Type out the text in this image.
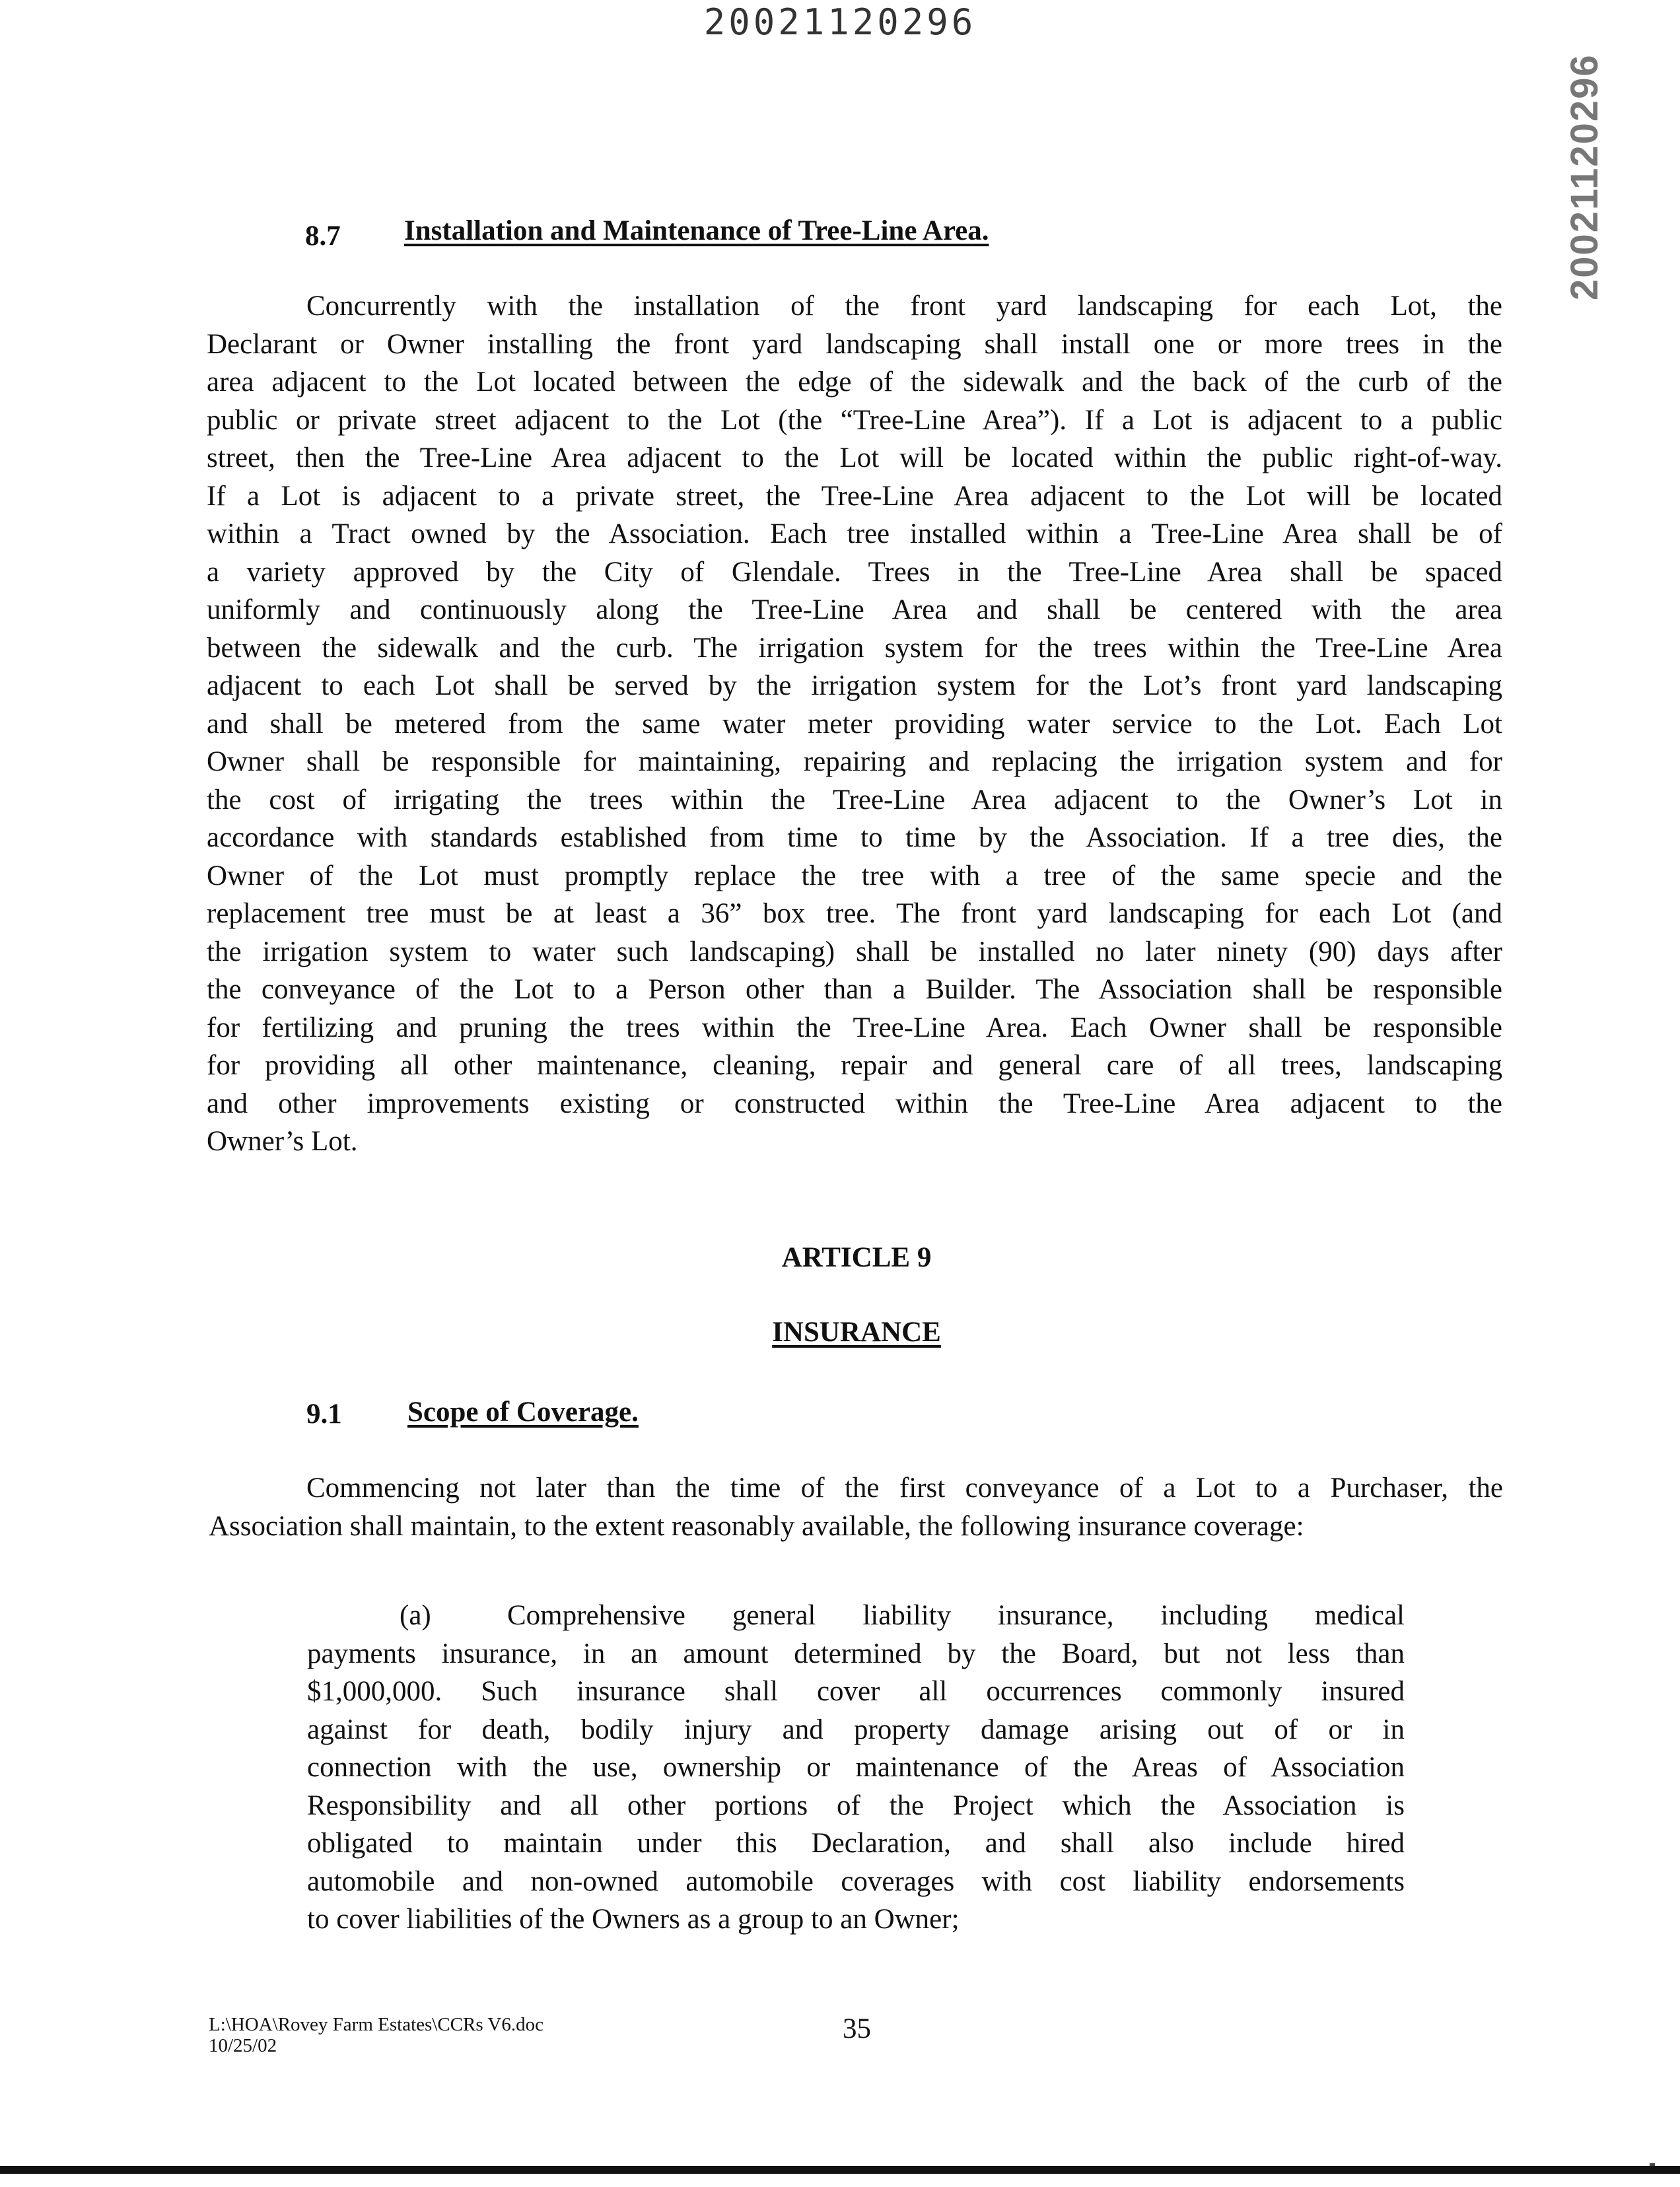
20021120296
20021120296
8.7 Installation and Maintenance of Tree-Line Area.
Concurrently with the installation of the front yard landscaping for each Lot, the
Declarant or Owner installing the front yard landscaping shall install one or more trees in the
area adjacent to the Lot located between the edge of the sidewalk and the back of the curb of the
public or private street adjacent to the Lot (the “Tree-Line Area”). If a Lot is adjacent to a public
street, then the Tree-Line Area adjacent to the Lot will be located within the public right-of-way.
If a Lot is adjacent to a private street, the Tree-Line Area adjacent to the Lot will be located
within a Tract owned by the Association. Each tree installed within a Tree-Line Area shall be of
a variety approved by the City of Glendale. Trees in the Tree-Line Area shall be spaced
uniformly and continuously along the Tree-Line Area and shall be centered with the area
between the sidewalk and the curb. The irrigation system for the trees within the Tree-Line Area
adjacent to each Lot shall be served by the irrigation system for the Lot’s front yard landscaping
and shall be metered from the same water meter providing water service to the Lot. Each Lot
Owner shall be responsible for maintaining, repairing and replacing the irrigation system and for
the cost of irrigating the trees within the Tree-Line Area adjacent to the Owner’s Lot in
accordance with standards established from time to time by the Association. If a tree dies, the
Owner of the Lot must promptly replace the tree with a tree of the same specie and the
replacement tree must be at least a 36” box tree. The front yard landscaping for each Lot (and
the irrigation system to water such landscaping) shall be installed no later ninety (90) days after
the conveyance of the Lot to a Person other than a Builder. The Association shall be responsible
for fertilizing and pruning the trees within the Tree-Line Area. Each Owner shall be responsible
for providing all other maintenance, cleaning, repair and general care of all trees, landscaping
and other improvements existing or constructed within the Tree-Line Area adjacent to the
Owner’s Lot.
ARTICLE 9
INSURANCE
9.1 Scope of Coverage.
Commencing not later than the time of the first conveyance of a Lot to a Purchaser, the
Association shall maintain, to the extent reasonably available, the following insurance coverage:
(a)	Comprehensive general liability insurance, including medical
payments insurance, in an amount determined by the Board, but not less than
$1,000,000. Such insurance shall cover all occurrences commonly insured
against for death, bodily injury and property damage arising out of or in
connection with the use, ownership or maintenance of the Areas of Association
Responsibility and all other portions of the Project which the Association is
obligated to maintain under this Declaration, and shall also include hired
automobile and non-owned automobile coverages with cost liability endorsements
to cover liabilities of the Owners as a group to an Owner;
L:\HOA\Rovey Farm Estates\CCRs V6.doc
10/25/02
35
